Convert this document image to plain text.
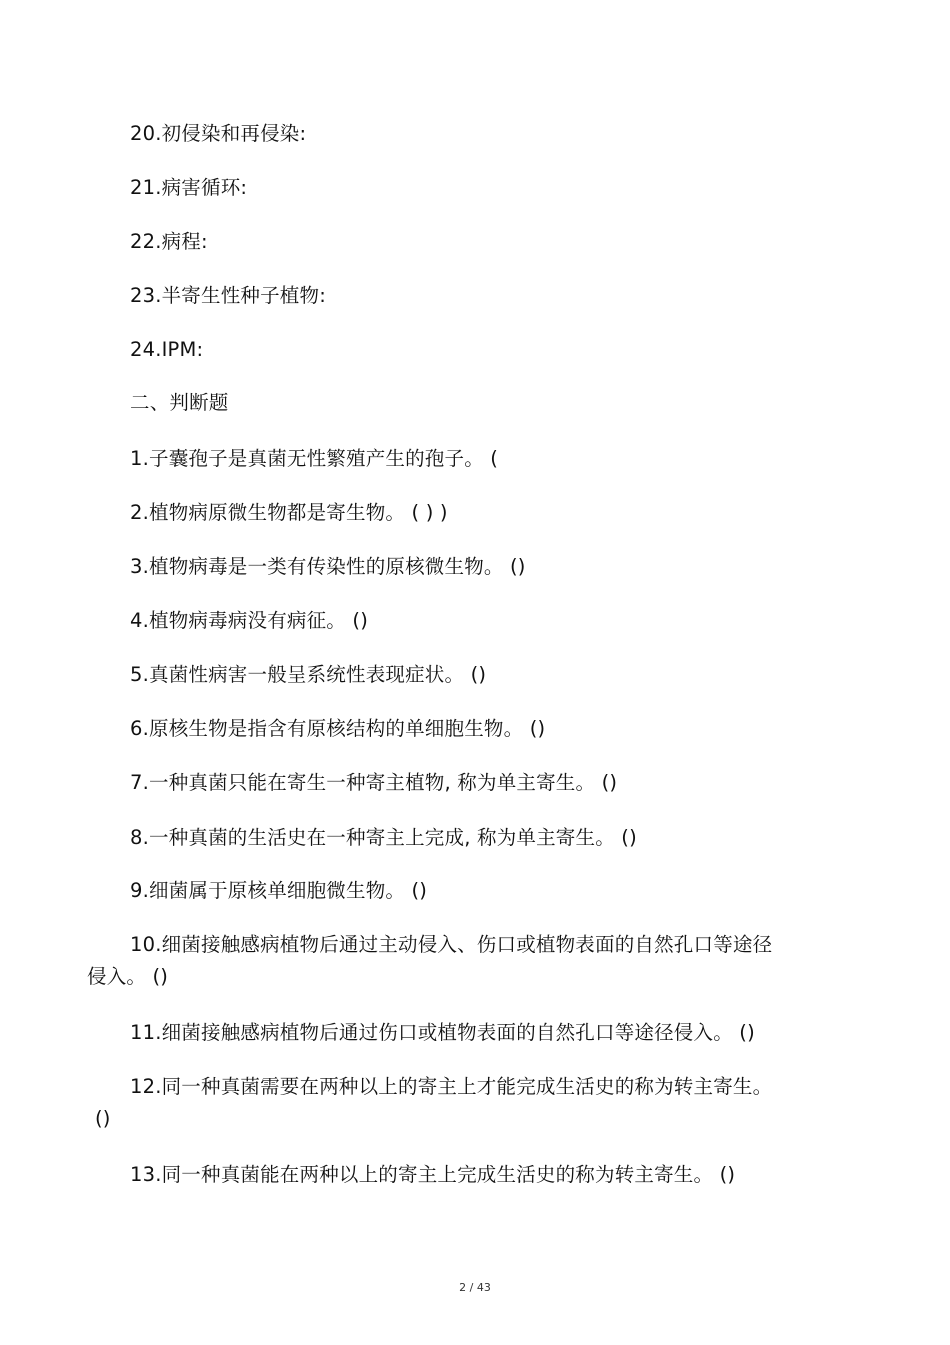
20.初侵染和再侵染:
21.病害循环:
22.病程:
23.半寄生性种子植物:
24.IPM:
二、判断题
1.子囊孢子是真菌无性繁殖产生的孢子。 (
2.植物病原微生物都是寄生物。 ( ) )
3.植物病毒是一类有传染性的原核微生物。 ()
4.植物病毒病没有病征。 ()
5.真菌性病害一般呈系统性表现症状。 ()
6.原核生物是指含有原核结构的单细胞生物。 ()
7.一种真菌只能在寄生一种寄主植物, 称为单主寄生。 ()
8.一种真菌的生活史在一种寄主上完成, 称为单主寄生。 ()
9.细菌属于原核单细胞微生物。 ()
10.细菌接触感病植物后通过主动侵入、伤口或植物表面的自然孔口等途径
侵入。 ()
11.细菌接触感病植物后通过伤口或植物表面的自然孔口等途径侵入。 ()
12.同一种真菌需要在两种以上的寄主上才能完成生活史的称为转主寄生。
()
13.同一种真菌能在两种以上的寄主上完成生活史的称为转主寄生。 ()
2 / 43
